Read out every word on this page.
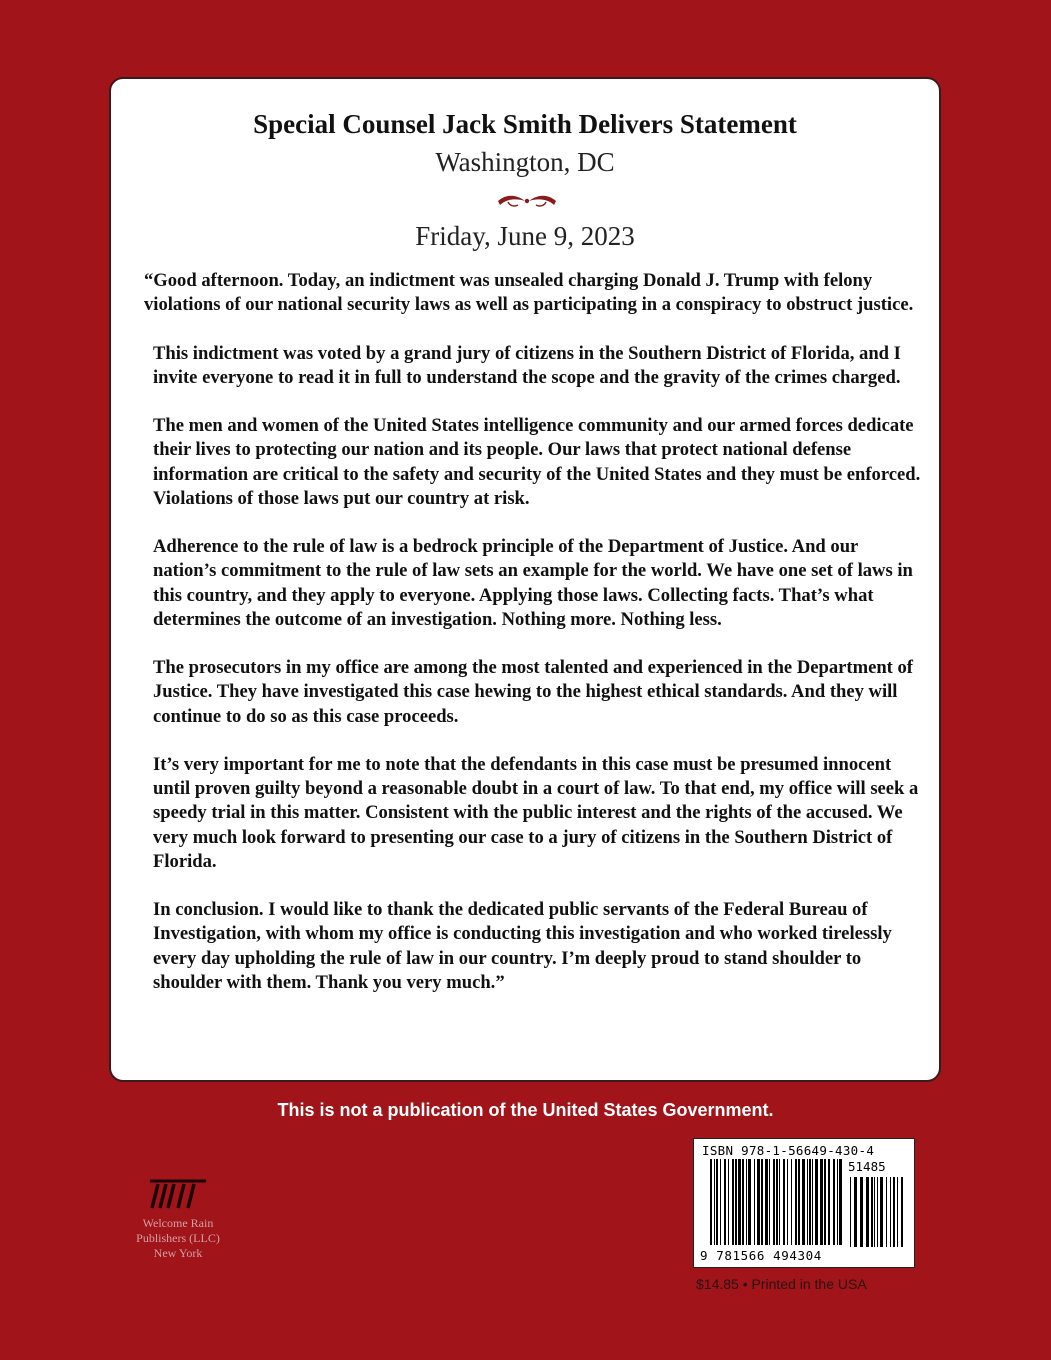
Special Counsel Jack Smith Delivers Statement
Washington, DC
Friday, June 9, 2023

“Good afternoon. Today, an indictment was unsealed charging Donald J. Trump with felony violations of our national security laws as well as participating in a conspiracy to obstruct justice.

This indictment was voted by a grand jury of citizens in the Southern District of Florida, and I invite everyone to read it in full to understand the scope and the gravity of the crimes charged.

The men and women of the United States intelligence community and our armed forces dedicate their lives to protecting our nation and its people. Our laws that protect national defense information are critical to the safety and security of the United States and they must be enforced. Violations of those laws put our country at risk.

Adherence to the rule of law is a bedrock principle of the Department of Justice. And our nation’s commitment to the rule of law sets an example for the world. We have one set of laws in this country, and they apply to everyone. Applying those laws. Collecting facts. That’s what determines the outcome of an investigation. Nothing more. Nothing less.

The prosecutors in my office are among the most talented and experienced in the Department of Justice. They have investigated this case hewing to the highest ethical standards. And they will continue to do so as this case proceeds.

It’s very important for me to note that the defendants in this case must be presumed innocent until proven guilty beyond a reasonable doubt in a court of law. To that end, my office will seek a speedy trial in this matter. Consistent with the public interest and the rights of the accused. We very much look forward to presenting our case to a jury of citizens in the Southern District of Florida.

In conclusion. I would like to thank the dedicated public servants of the Federal Bureau of Investigation, with whom my office is conducting this investigation and who worked tirelessly every day upholding the rule of law in our country. I’m deeply proud to stand shoulder to shoulder with them. Thank you very much.”

This is not a publication of the United States Government.
Welcome Rain
Publishers (LLC)
New York
ISBN 978-1-56649-430-4
51485
9 781566 494304
$14.85 • Printed in the USA
